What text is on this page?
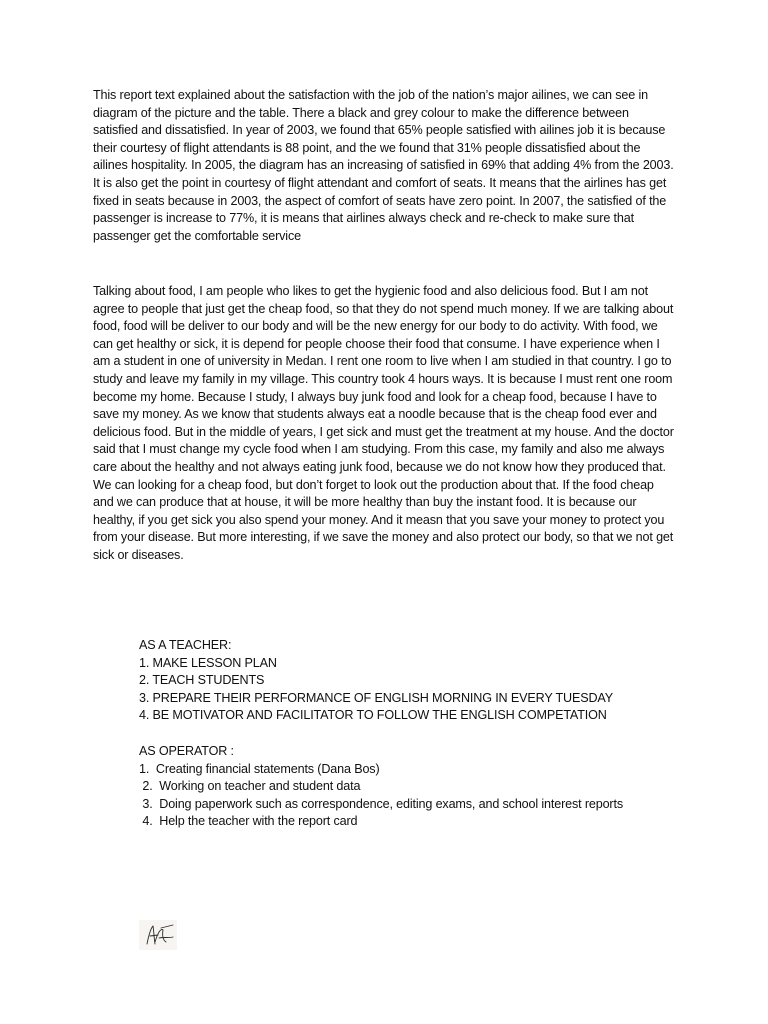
This report text explained about the satisfaction with the job of the nation’s major ailines, we can see in diagram of the picture and the table. There a black and grey colour to make the difference between satisfied and dissatisfied. In year of 2003, we found that 65% people satisfied with ailines job it is because their courtesy of flight attendants is 88 point, and the we found that 31% people dissatisfied about the ailines hospitality. In 2005, the diagram has an increasing of satisfied in 69% that adding 4% from the 2003. It is also get the point in courtesy of flight attendant and comfort of seats. It means that the airlines has get fixed in seats because in 2003, the aspect of comfort of seats have zero point. In 2007, the satisfied of the passenger is increase to 77%, it is means that airlines always check and re-check to make sure that passenger get the comfortable service

Talking about food, I am people who likes to get the hygienic food and also delicious food. But I am not agree to people that just get the cheap food, so that they do not spend much money. If we are talking about food, food will be deliver to our body and will be the new energy for our body to do activity. With food, we can get healthy or sick, it is depend for people choose their food that consume. I have experience when I am a student in one of university in Medan. I rent one room to live when I am studied in that country. I go to study and leave my family in my village. This country took 4 hours ways. It is because I must rent one room become my home. Because I study, I always buy junk food and look for a cheap food, because I have to save my money. As we know that students always eat a noodle because that is the cheap food ever and delicious food. But in the middle of years, I get sick and must get the treatment at my house. And the doctor said that I must change my cycle food when I am studying. From this case, my family and also me always care about the healthy and not always eating junk food, because we do not know how they produced that. We can looking for a cheap food, but don’t forget to look out the production about that. If the food cheap and we can produce that at house, it will be more healthy than buy the instant food. It is because our healthy, if you get sick you also spend your money. And it measn that you save your money to protect you from your disease. But more interesting, if we save the money and also protect our body, so that we not get sick or diseases.

AS A TEACHER:
1. MAKE LESSON PLAN
2. TEACH STUDENTS
3. PREPARE THEIR PERFORMANCE OF ENGLISH MORNING IN EVERY TUESDAY
4. BE MOTIVATOR AND FACILITATOR TO FOLLOW THE ENGLISH COMPETATION
AS OPERATOR :
1.  Creating financial statements (Dana Bos)
2.  Working on teacher and student data
3.  Doing paperwork such as correspondence, editing exams, and school interest reports
4.  Help the teacher with the report card
